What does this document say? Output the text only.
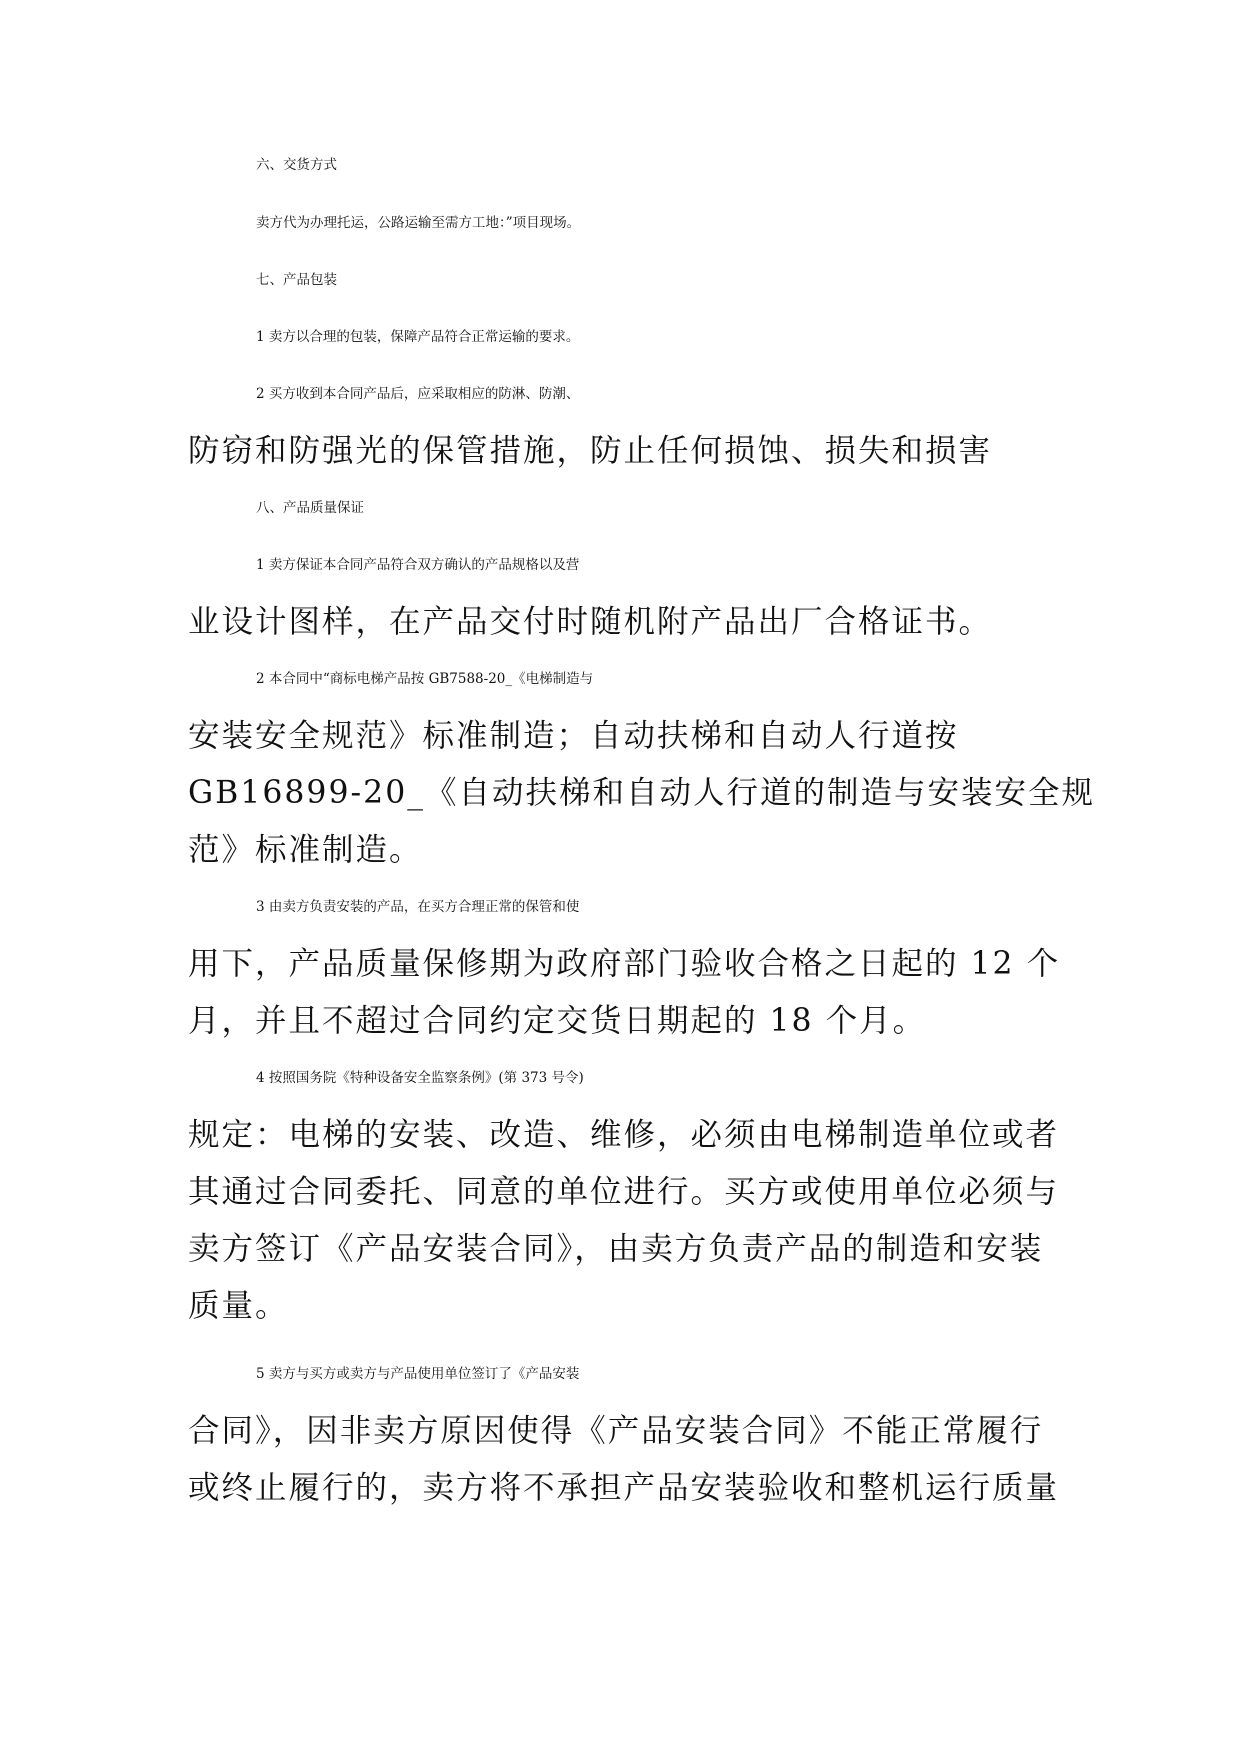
六、交货方式
卖方代为办理托运，公路运输至需方工地：”项目现场。
七、产品包装
1 卖方以合理的包装，保障产品符合正常运输的要求。
2 买方收到本合同产品后，应采取相应的防淋、防潮、
防窃和防强光的保管措施，防止任何损蚀、损失和损害
八、产品质量保证
1 卖方保证本合同产品符合双方确认的产品规格以及营
业设计图样，在产品交付时随机附产品出厂合格证书。
2 本合同中“商标电梯产品按 GB7588-20_《电梯制造与
安装安全规范》标准制造；自动扶梯和自动人行道按
GB16899-20_《自动扶梯和自动人行道的制造与安装安全规
范》标准制造。
3 由卖方负责安装的产品，在买方合理正常的保管和使
用下，产品质量保修期为政府部门验收合格之日起的 12 个
月，并且不超过合同约定交货日期起的 18 个月。
4 按照国务院《特种设备安全监察条例》(第 373 号令)
规定：电梯的安装、改造、维修，必须由电梯制造单位或者
其通过合同委托、同意的单位进行。买方或使用单位必须与
卖方签订《产品安装合同》，由卖方负责产品的制造和安装
质量。
5 卖方与买方或卖方与产品使用单位签订了《产品安装
合同》，因非卖方原因使得《产品安装合同》不能正常履行
或终止履行的，卖方将不承担产品安装验收和整机运行质量
